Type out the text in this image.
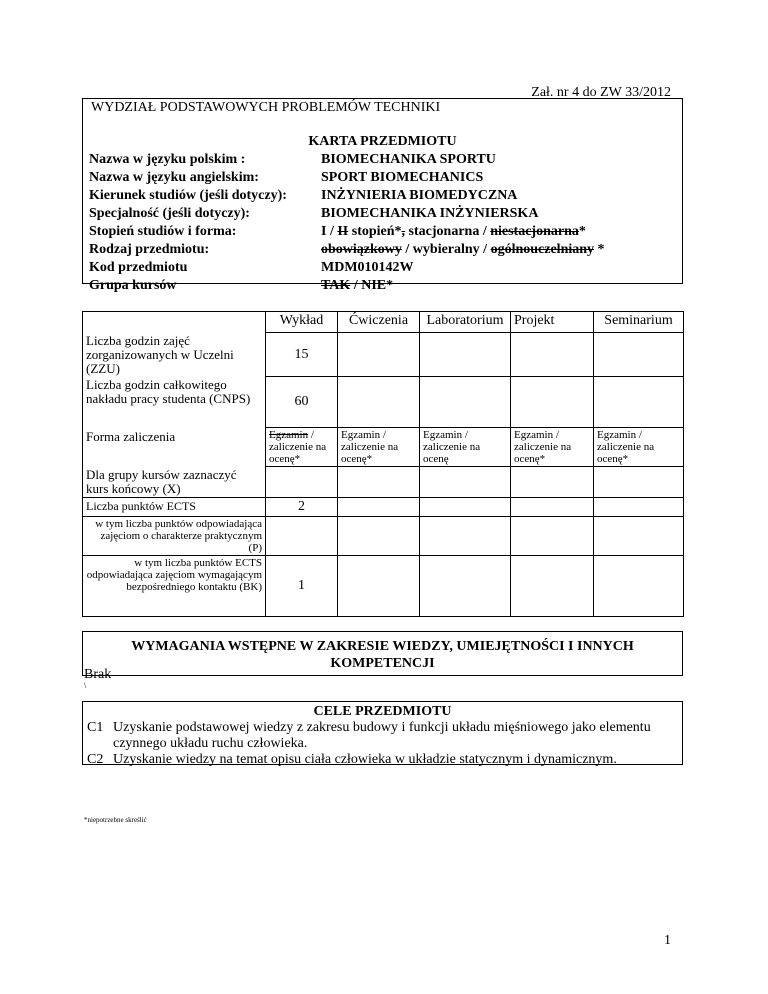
Zał. nr 4 do ZW 33/2012
WYDZIAŁ PODSTAWOWYCH PROBLEMÓW TECHNIKI
KARTA PRZEDMIOTU
Nazwa w języku polskim :	BIOMECHANIKA SPORTU
Nazwa w języku angielskim:	SPORT BIOMECHANICS
Kierunek studiów (jeśli dotyczy):	INŻYNIERIA BIOMEDYCZNA
Specjalność (jeśli dotyczy):	BIOMECHANIKA INŻYNIERSKA
Stopień studiów i forma:	I / II stopień*, stacjonarna / niestacjonarna*
Rodzaj przedmiotu:	obowiązkowy / wybieralny / ogólnouczelniany *
Kod przedmiotu	MDM010142W
Grupa kursów	TAK / NIE*
	Wykład	Ćwiczenia	Laboratorium	Projekt	Seminarium
Liczba godzin zajęć zorganizowanych w Uczelni (ZZU)	15				
Liczba godzin całkowitego nakładu pracy studenta (CNPS)	60				
Forma zaliczenia	Egzamin / zaliczenie na ocenę*	Egzamin / zaliczenie na ocenę*	Egzamin / zaliczenie na ocenę	Egzamin / zaliczenie na ocenę*	Egzamin / zaliczenie na ocenę*
Dla grupy kursów zaznaczyć kurs końcowy (X)					
Liczba punktów ECTS	2				
w tym liczba punktów odpowiadająca zajęciom o charakterze praktycznym (P)					
w tym liczba punktów ECTS odpowiadająca zajęciom wymagającym bezpośredniego kontaktu (BK)	1				
WYMAGANIA WSTĘPNE W ZAKRESIE WIEDZY, UMIEJĘTNOŚCI I INNYCH KOMPETENCJI
Brak
\
CELE PRZEDMIOTU
C1 Uzyskanie podstawowej wiedzy z zakresu budowy i funkcji układu mięśniowego jako elementu
czynnego układu ruchu człowieka.
C2 Uzyskanie wiedzy na temat opisu ciała człowieka w układzie statycznym i dynamicznym.
*niepotrzebne skreślić
1
